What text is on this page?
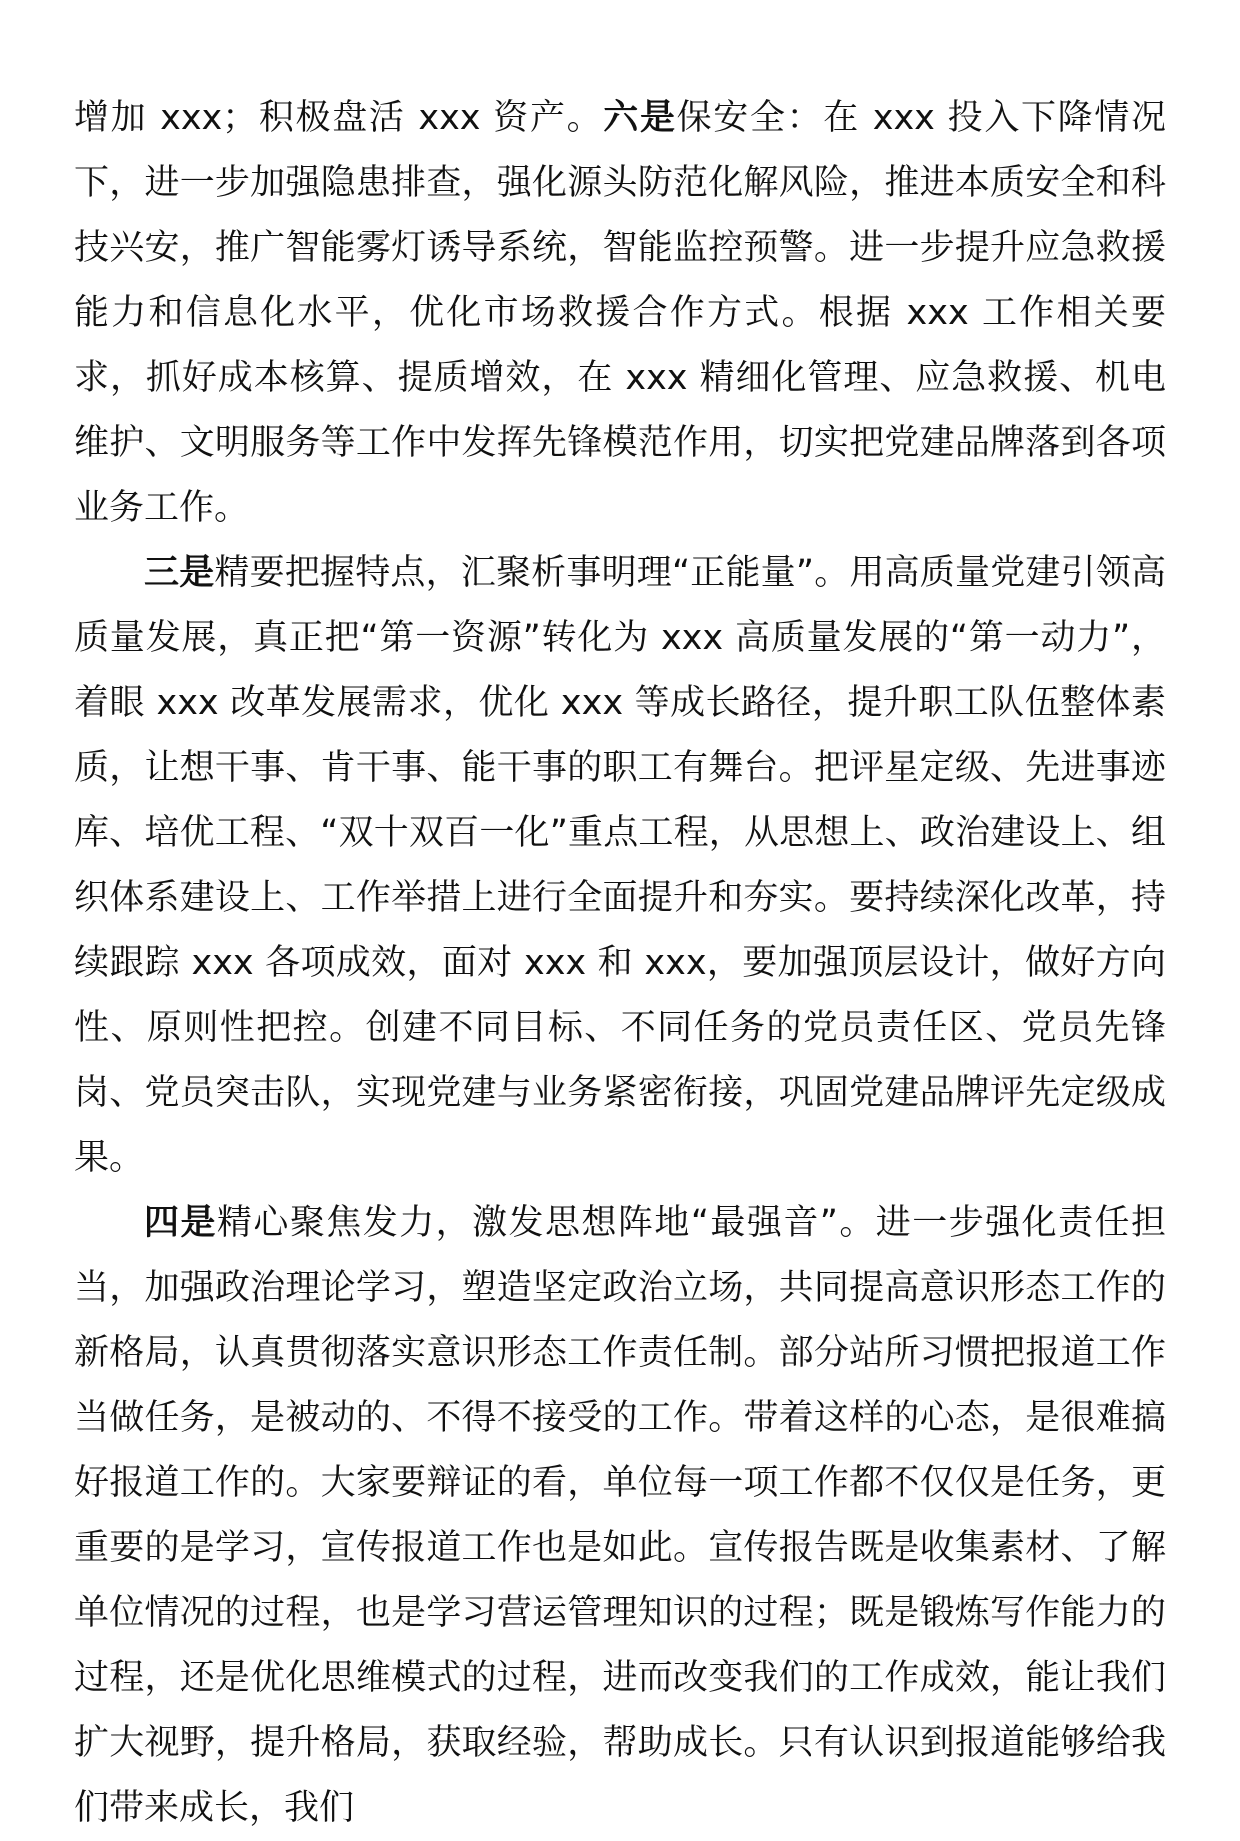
增加 xxx；积极盘活 xxx 资产。六是保安全：在 xxx 投入下降情况下，进一步加强隐患排查，强化源头防范化解风险，推进本质安全和科技兴安，推广智能雾灯诱导系统，智能监控预警。进一步提升应急救援能力和信息化水平，优化市场救援合作方式。根据 xxx 工作相关要求，抓好成本核算、提质增效，在 xxx 精细化管理、应急救援、机电维护、文明服务等工作中发挥先锋模范作用，切实把党建品牌落到各项业务工作。

三是精要把握特点，汇聚析事明理“正能量”。用高质量党建引领高质量发展，真正把“第一资源”转化为 xxx 高质量发展的“第一动力”，着眼 xxx 改革发展需求，优化 xxx 等成长路径，提升职工队伍整体素质，让想干事、肯干事、能干事的职工有舞台。把评星定级、先进事迹库、培优工程、“双十双百一化”重点工程，从思想上、政治建设上、组织体系建设上、工作举措上进行全面提升和夯实。要持续深化改革，持续跟踪 xxx 各项成效，面对 xxx 和 xxx，要加强顶层设计，做好方向性、原则性把控。创建不同目标、不同任务的党员责任区、党员先锋岗、党员突击队，实现党建与业务紧密衔接，巩固党建品牌评先定级成果。

四是精心聚焦发力，激发思想阵地“最强音”。进一步强化责任担当，加强政治理论学习，塑造坚定政治立场，共同提高意识形态工作的新格局，认真贯彻落实意识形态工作责任制。部分站所习惯把报道工作当做任务，是被动的、不得不接受的工作。带着这样的心态，是很难搞好报道工作的。大家要辩证的看，单位每一项工作都不仅仅是任务，更重要的是学习，宣传报道工作也是如此。宣传报告既是收集素材、了解单位情况的过程，也是学习营运管理知识的过程；既是锻炼写作能力的过程，还是优化思维模式的过程，进而改变我们的工作成效，能让我们扩大视野，提升格局，获取经验，帮助成长。只有认识到报道能够给我们带来成长，我们
